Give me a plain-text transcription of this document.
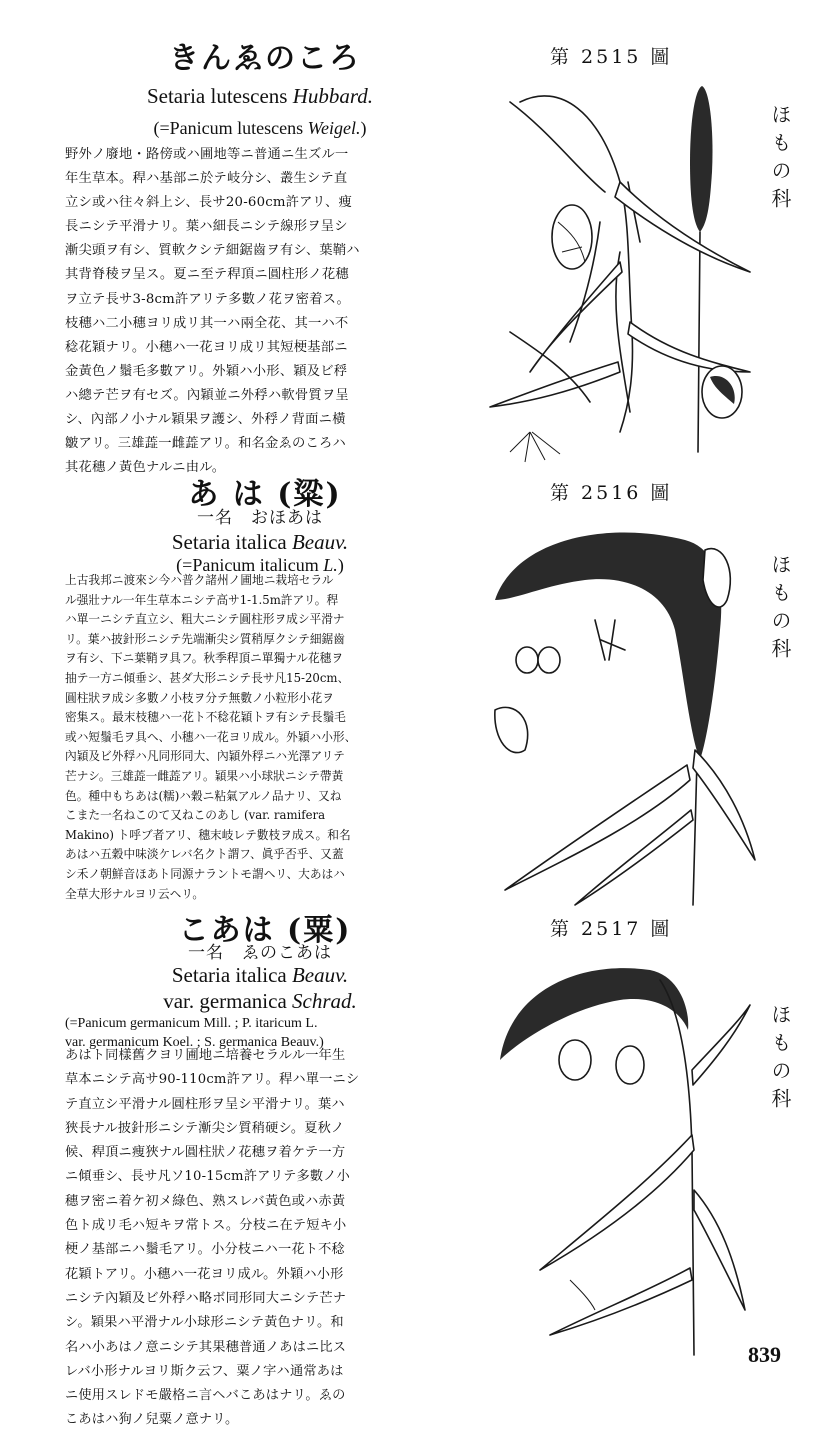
きんゑのころ
Setaria lutescens Hubbard.
(=Panicum lutescens Weigel.)
野外ノ廢地・路傍或ハ圃地等ニ普通ニ生ズル一
年生草本。稈ハ基部ニ於テ岐分シ、叢生シテ直
立シ或ハ往々斜上シ、長サ20-60cm許アリ、痩
長ニシテ平滑ナリ。葉ハ細長ニシテ線形ヲ呈シ
漸尖頭ヲ有シ、質軟クシテ細鋸齒ヲ有シ、葉鞘ハ
其背脊稜ヲ呈ス。夏ニ至テ稈頂ニ圓柱形ノ花穗
ヲ立テ長サ3-8cm許アリテ多數ノ花ヲ密着ス。
枝穗ハ二小穗ヨリ成リ其一ハ兩全花、其一ハ不
稔花穎ナリ。小穗ハ一花ヨリ成リ其短梗基部ニ
金黃色ノ鬚毛多數アリ。外穎ハ小形、穎及ビ稃
ハ總テ芒ヲ有セズ。內穎並ニ外稃ハ軟骨質ヲ呈
シ、內部ノ小ナル穎果ヲ護シ、外稃ノ背面ニ橫
皺アリ。三雄蕋一雌蕋アリ。和名金ゑのころハ
其花穗ノ黃色ナルニ由ル。
第 2515 圖
ほもの科
あ は (粱)
一名　おほあは
Setaria italica Beauv.
(=Panicum italicum L.)
上古我邦ニ渡來シ今ハ普ク諸州ノ圃地ニ栽培セラル
ル强壯ナル一年生草本ニシテ高サ1-1.5m許アリ。稈
ハ單一ニシテ直立シ、粗大ニシテ圓柱形ヲ成シ平滑ナ
リ。葉ハ披針形ニシテ先端漸尖シ質稍厚クシテ細鋸齒
ヲ有シ、下ニ葉鞘ヲ具フ。秋季稈頂ニ單獨ナル花穗ヲ
抽テ一方ニ傾垂シ、甚ダ大形ニシテ長サ凡15-20cm、
圓柱狀ヲ成シ多數ノ小枝ヲ分テ無數ノ小粒形小花ヲ
密集ス。最末枝穗ハ一花ト不稔花穎トヲ有シテ長鬚毛
或ハ短鬚毛ヲ具ヘ、小穗ハ一花ヨリ成ル。外穎ハ小形、
內穎及ビ外稃ハ凡同形同大、內穎外稃ニハ光澤アリテ
芒ナシ。三雄蕋一雌蕋アリ。穎果ハ小球狀ニシテ帶黃
色。種中もちあは(糯)ハ穀ニ粘氣アルノ品ナリ、又ね
こまた一名ねこのて又ねこのあし (var. ramifera
Makino) ト呼ブ者アリ、穗末岐レテ數枝ヲ成ス。和名
あはハ五穀中味淡ケレバ名クト謂フ、眞乎否乎、又蓋
シ禾ノ朝鮮音ほあト同源ナラントモ謂ヘリ、大あはハ
全草大形ナルヨリ云ヘリ。
第 2516 圖
ほもの科
こあは (粟)
一名　ゑのこあは
Setaria italica Beauv.
var. germanica Schrad.
(=Panicum germanicum Mill. ; P. itaricum L.
var. germanicum Koel. ; S. germanica Beauv.)
あはト同樣舊クヨリ圃地ニ培養セラルル一年生
草本ニシテ高サ90-110cm許アリ。稈ハ單一ニシ
テ直立シ平滑ナル圓柱形ヲ呈シ平滑ナリ。葉ハ
狹長ナル披針形ニシテ漸尖シ質稍硬シ。夏秋ノ
候、稈頂ニ痩狹ナル圓柱狀ノ花穗ヲ着ケテ一方
ニ傾垂シ、長サ凡ソ10-15cm許アリテ多數ノ小
穗ヲ密ニ着ケ初メ綠色、熟スレバ黃色或ハ赤黃
色ト成リ毛ハ短キヲ常トス。分枝ニ在テ短キ小
梗ノ基部ニハ鬚毛アリ。小分枝ニハ一花ト不稔
花穎トアリ。小穗ハ一花ヨリ成ル。外穎ハ小形
ニシテ內穎及ビ外稃ハ略ボ同形同大ニシテ芒ナ
シ。穎果ハ平滑ナル小球形ニシテ黃色ナリ。和
名ハ小あはノ意ニシテ其果穗普通ノあはニ比ス
レバ小形ナルヨリ斯ク云フ、粟ノ字ハ通常あは
ニ使用スレドモ嚴格ニ言ヘバこあはナリ。ゑの
こあはハ狗ノ兒粟ノ意ナリ。
第 2517 圖
ほもの科
839
